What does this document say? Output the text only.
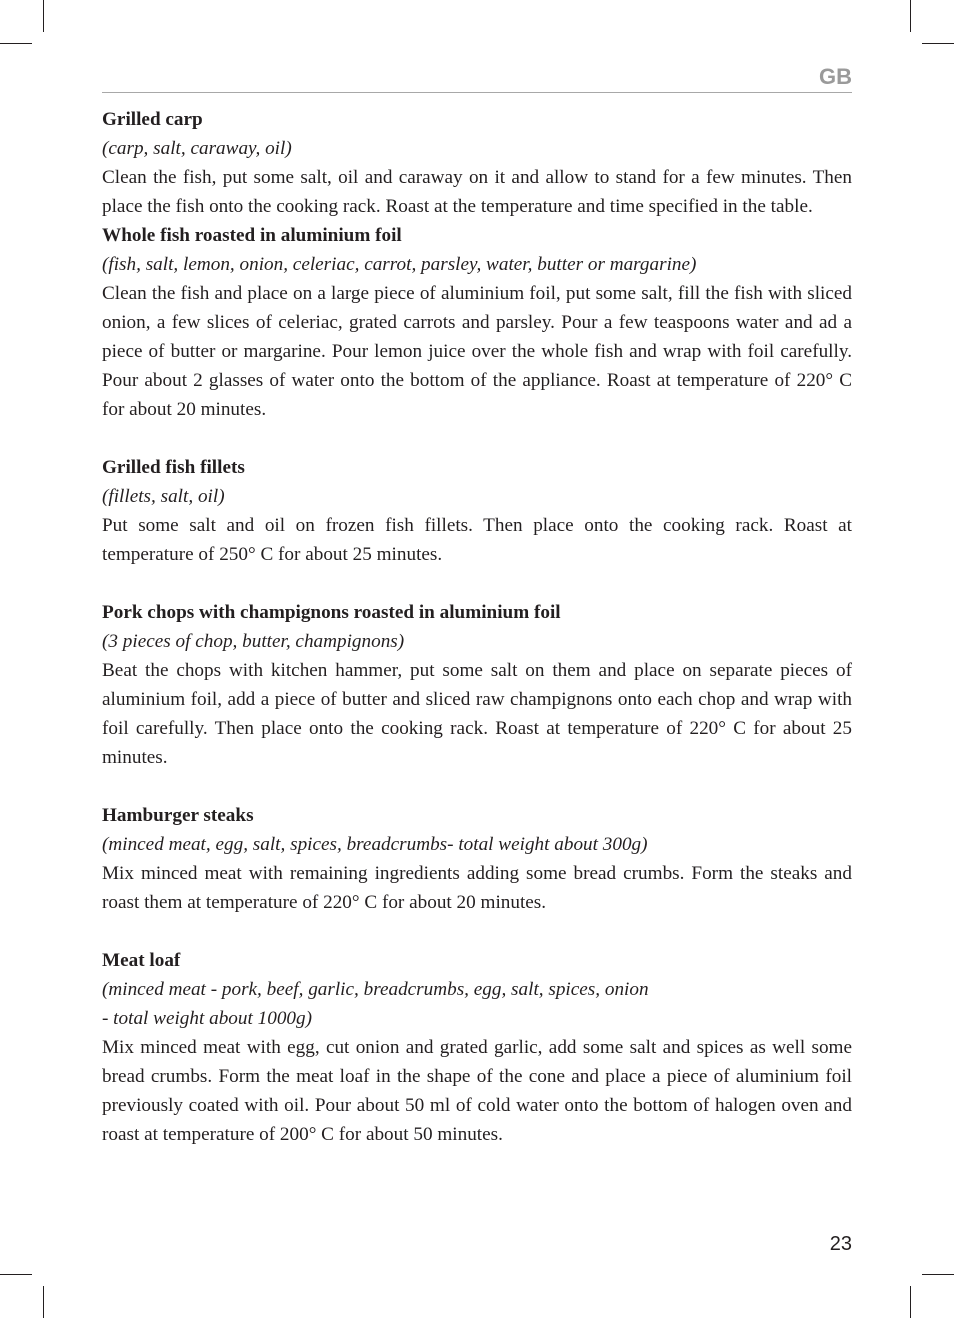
GB

Grilled carp

(carp, salt, caraway, oil)

Clean the fish, put some salt, oil and caraway on it and allow to stand for a few minutes. Then place the fish onto the cooking rack. Roast at the temperature and time specified in the table.

Whole fish roasted in aluminium foil

(fish, salt, lemon, onion, celeriac, carrot, parsley, water, butter or margarine)

Clean the fish and place on a large piece of aluminium foil, put some salt, fill the fish with sliced onion, a few slices of celeriac, grated carrots and parsley. Pour a few teaspoons water and ad a piece of butter or margarine. Pour lemon juice over the whole fish and wrap with foil carefully. Pour about 2 glasses of water onto the bottom of the appliance. Roast at temperature of 220° C for about 20 minutes.

Grilled fish fillets

(fillets, salt, oil)

Put some salt and oil on frozen fish fillets. Then place onto the cooking rack. Roast at temperature of 250° C for about 25 minutes.

Pork chops with champignons roasted in aluminium foil

(3 pieces of chop, butter, champignons)

Beat the chops with kitchen hammer, put some salt on them and place on separate pieces of aluminium foil, add a piece of butter and sliced raw champignons onto each chop and wrap with foil carefully. Then place onto the cooking rack. Roast at temperature of 220° C for about 25 minutes.

Hamburger steaks

(minced meat, egg, salt, spices, breadcrumbs- total weight about 300g)

Mix minced meat with remaining ingredients adding some bread crumbs. Form the steaks and roast them at temperature of 220° C for about 20 minutes.

Meat loaf

(minced meat - pork, beef, garlic, breadcrumbs, egg, salt, spices, onion

- total weight about 1000g)

Mix minced meat with egg, cut onion and grated garlic, add some salt and spices as well some bread crumbs. Form the meat loaf in the shape of the cone and place a piece of aluminium foil previously coated with oil. Pour about 50 ml of cold water onto the bottom of halogen oven and roast at temperature of 200° C for about 50 minutes.

23
